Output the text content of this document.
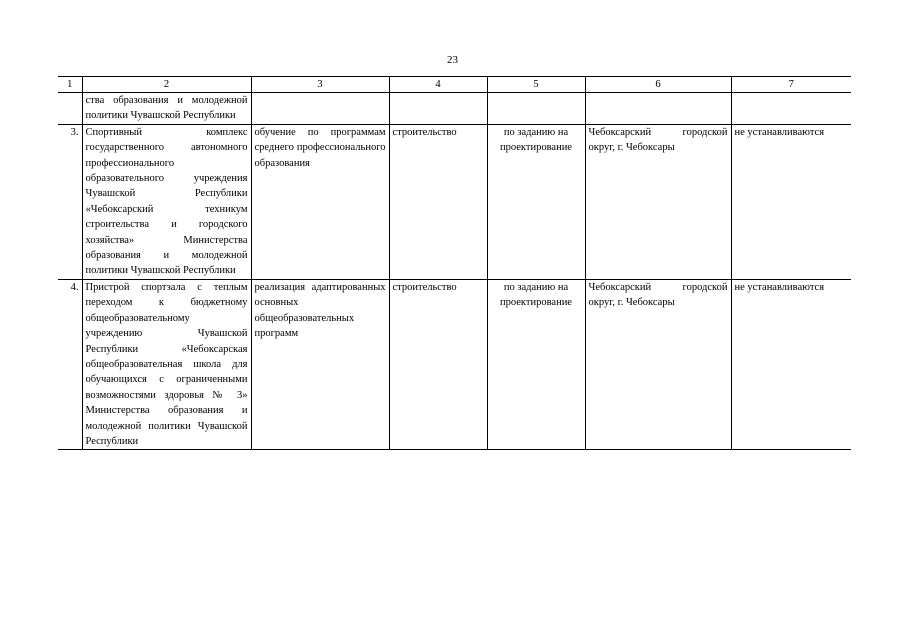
23
1	2	3	4	5	6	7
	ства образования и молодежной политики Чувашской Республики					
3.	Спортивный комплекс государственного автономного профессионального образовательного учреждения Чувашской Республики «Чебоксарский техникум строительства и городского хозяйства» Министерства образования и молодежной политики Чувашской Республики	обучение по программам среднего профессионального образования	строительство	по заданию на проектирование	Чебоксарский городской округ, г. Чебоксары	не устанавливаются
4.	Пристрой спортзала с теплым переходом к бюджетному общеобразовательному учреждению Чувашской Республики «Чебоксарская общеобразовательная школа для обучающихся с ограниченными возможностями здоровья № 3» Министерства образования и молодежной политики Чувашской Республики	реализация адаптированных основных общеобразовательных программ	строительство	по заданию на проектирование	Чебоксарский городской округ, г. Чебоксары	не устанавливаются
